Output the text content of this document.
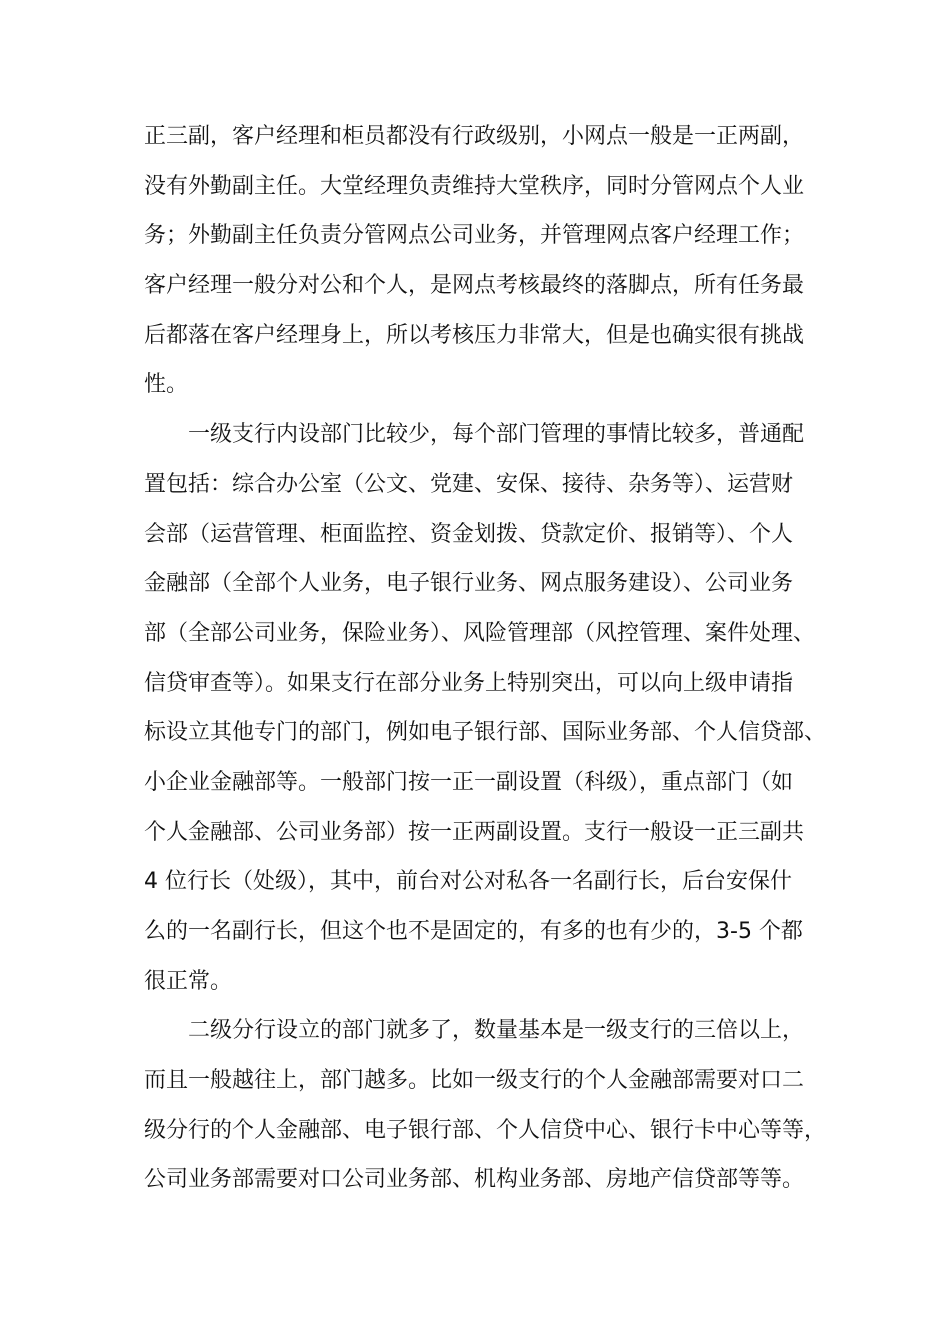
正三副，客户经理和柜员都没有行政级别，小网点一般是一正两副，
没有外勤副主任。大堂经理负责维持大堂秩序，同时分管网点个人业
务；外勤副主任负责分管网点公司业务，并管理网点客户经理工作；
客户经理一般分对公和个人，是网点考核最终的落脚点，所有任务最
后都落在客户经理身上，所以考核压力非常大，但是也确实很有挑战
性。
一级支行内设部门比较少，每个部门管理的事情比较多，普通配
置包括：综合办公室（公文、党建、安保、接待、杂务等）、运营财
会部（运营管理、柜面监控、资金划拨、贷款定价、报销等）、个人
金融部（全部个人业务，电子银行业务、网点服务建设）、公司业务
部（全部公司业务，保险业务）、风险管理部（风控管理、案件处理、
信贷审查等）。如果支行在部分业务上特别突出，可以向上级申请指
标设立其他专门的部门，例如电子银行部、国际业务部、个人信贷部、
小企业金融部等。一般部门按一正一副设置（科级），重点部门（如
个人金融部、公司业务部）按一正两副设置。支行一般设一正三副共
4 位行长（处级），其中，前台对公对私各一名副行长，后台安保什
么的一名副行长，但这个也不是固定的，有多的也有少的，3-5 个都
很正常。
二级分行设立的部门就多了，数量基本是一级支行的三倍以上，
而且一般越往上，部门越多。比如一级支行的个人金融部需要对口二
级分行的个人金融部、电子银行部、个人信贷中心、银行卡中心等等，
公司业务部需要对口公司业务部、机构业务部、房地产信贷部等等。
